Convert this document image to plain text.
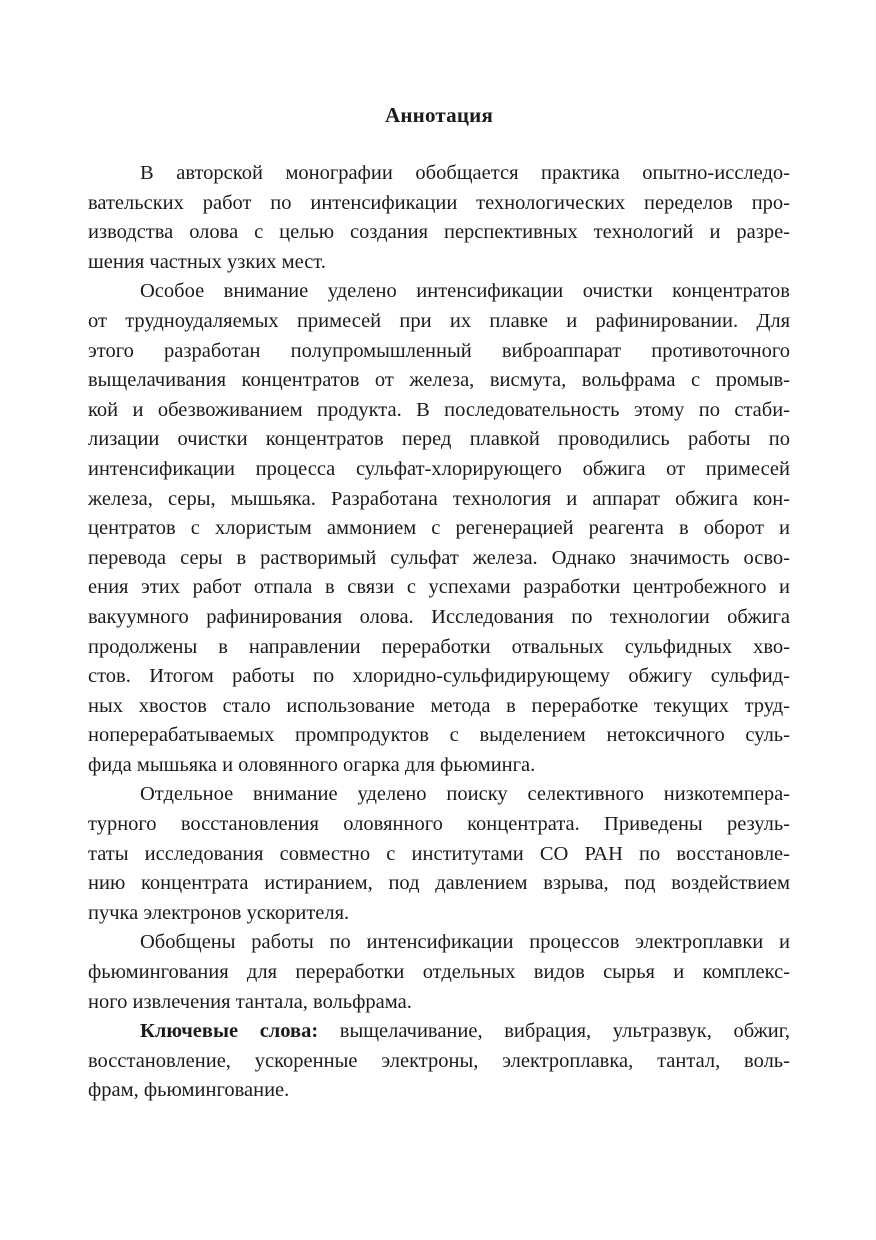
Аннотация
В авторской монографии обобщается практика опытно-исследо-
вательских работ по интенсификации технологических переделов про-
изводства олова с целью создания перспективных технологий и разре-
шения частных узких мест.
Особое внимание уделено интенсификации очистки концентратов
от трудноудаляемых примесей при их плавке и рафинировании. Для
этого разработан полупромышленный виброаппарат противоточного
выщелачивания концентратов от железа, висмута, вольфрама с промыв-
кой и обезвоживанием продукта. В последовательность этому по стаби-
лизации очистки концентратов перед плавкой проводились работы по
интенсификации процесса сульфат-хлорирующего обжига от примесей
железа, серы, мышьяка. Разработана технология и аппарат обжига кон-
центратов с хлористым аммонием с регенерацией реагента в оборот и
перевода серы в растворимый сульфат железа. Однако значимость осво-
ения этих работ отпала в связи с успехами разработки центробежного и
вакуумного рафинирования олова. Исследования по технологии обжига
продолжены в направлении переработки отвальных сульфидных хво-
стов. Итогом работы по хлоридно-сульфидирующему обжигу сульфид-
ных хвостов стало использование метода в переработке текущих труд-
ноперерабатываемых промпродуктов с выделением нетоксичного суль-
фида мышьяка и оловянного огарка для фьюминга.
Отдельное внимание уделено поиску селективного низкотемпера-
турного восстановления оловянного концентрата. Приведены резуль-
таты исследования совместно с институтами СО РАН по восстановле-
нию концентрата истиранием, под давлением взрыва, под воздействием
пучка электронов ускорителя.
Обобщены работы по интенсификации процессов электроплавки и
фьюмингования для переработки отдельных видов сырья и комплекс-
ного извлечения тантала, вольфрама.
Ключевые слова: выщелачивание, вибрация, ультразвук, обжиг,
восстановление, ускоренные электроны, электроплавка, тантал, воль-
фрам, фьюмингование.
